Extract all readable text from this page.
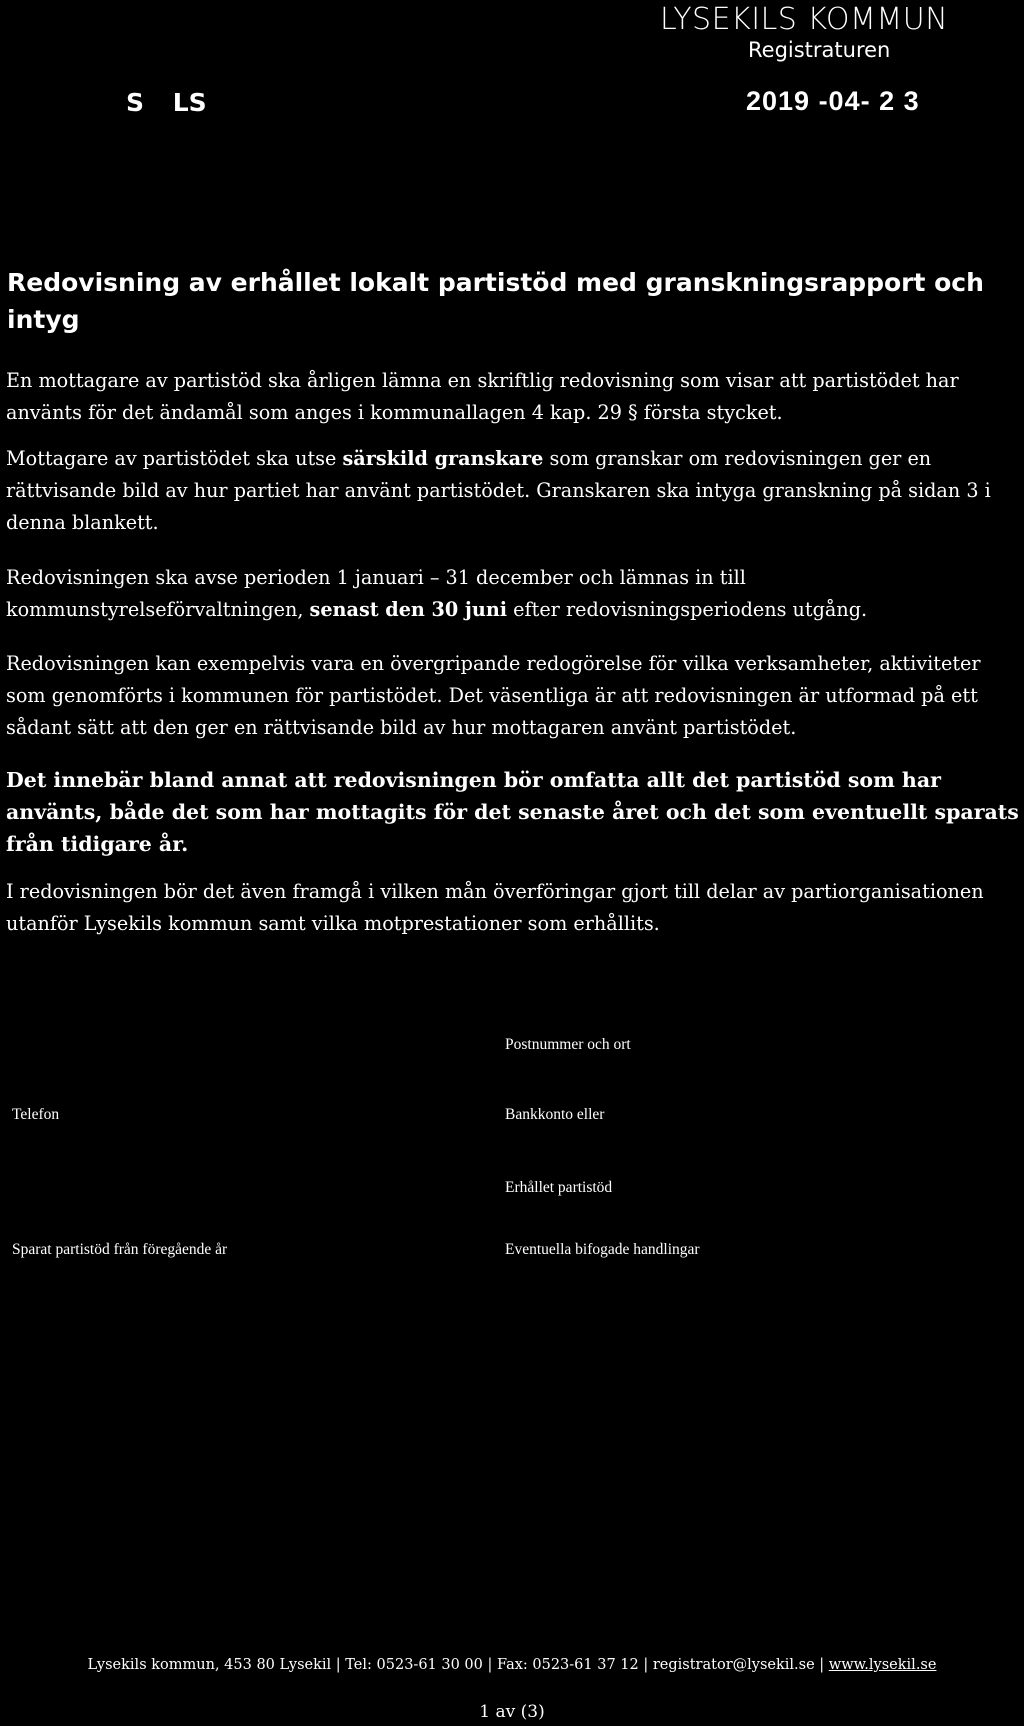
LYSEKILS KOMMUN
Registraturen
2019 -04- 2 3
S LS
Redovisning av erhållet lokalt partistöd med granskningsrapport och intyg

En mottagare av partistöd ska årligen lämna en skriftlig redovisning som visar att partistödet har använts för det ändamål som anges i kommunallagen 4 kap. 29 § första stycket.

Mottagare av partistödet ska utse särskild granskare som granskar om redovisningen ger en rättvisande bild av hur partiet har använt partistödet. Granskaren ska intyga granskning på sidan 3 i denna blankett.

Redovisningen ska avse perioden 1 januari – 31 december och lämnas in till kommunstyrelseförvaltningen, senast den 30 juni efter redovisningsperiodens utgång.

Redovisningen kan exempelvis vara en övergripande redogörelse för vilka verksamheter, aktiviteter som genomförts i kommunen för partistödet. Det väsentliga är att redovisningen är utformad på ett sådant sätt att den ger en rättvisande bild av hur mottagaren använt partistödet.

Det innebär bland annat att redovisningen bör omfatta allt det partistöd som har använts, både det som har mottagits för det senaste året och det som eventuellt sparats från tidigare år.

I redovisningen bör det även framgå i vilken mån överföringar gjort till delar av partiorganisationen utanför Lysekils kommun samt vilka motprestationer som erhållits.

Postnummer och ort
Telefon	Bankkonto eller
Erhållet partistöd
Sparat partistöd från föregående år	Eventuella bifogade handlingar
Lysekils kommun, 453 80 Lysekil | Tel: 0523-61 30 00 | Fax: 0523-61 37 12 | registrator@lysekil.se | www.lysekil.se
1 av (3)
